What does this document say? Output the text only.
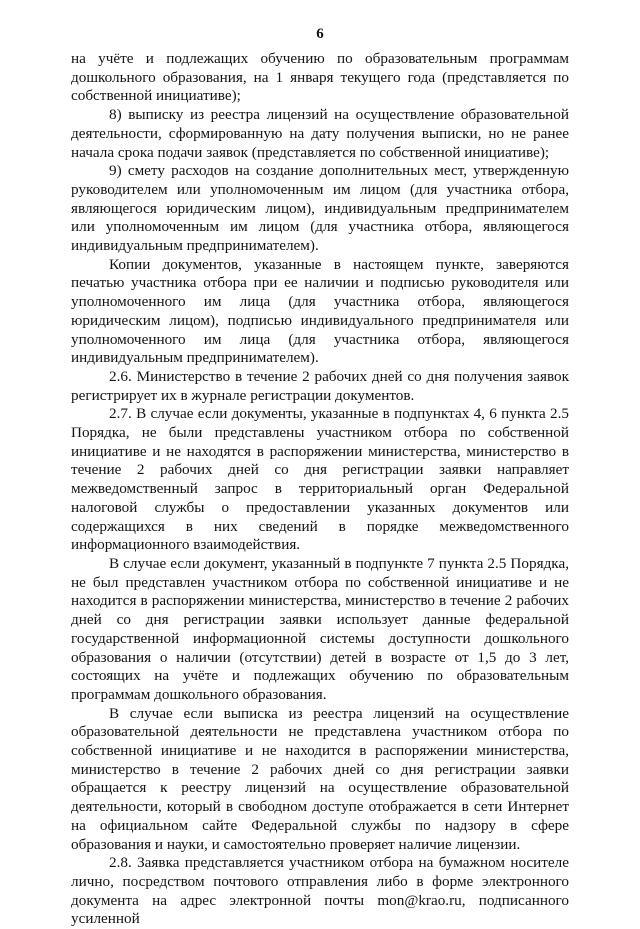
6

на учёте и подлежащих обучению по образовательным программам дошкольного образования, на 1 января текущего года (представляется по собственной инициативе);

8) выписку из реестра лицензий на осуществление образовательной деятельности, сформированную на дату получения выписки, но не ранее начала срока подачи заявок (представляется по собственной инициативе);

9) смету расходов на создание дополнительных мест, утвержденную руководителем или уполномоченным им лицом (для участника отбора, являющегося юридическим лицом), индивидуальным предпринимателем или уполномоченным им лицом (для участника отбора, являющегося индивидуальным предпринимателем).

Копии документов, указанные в настоящем пункте, заверяются печатью участника отбора при ее наличии и подписью руководителя или уполномоченного им лица (для участника отбора, являющегося юридическим лицом), подписью индивидуального предпринимателя или уполномоченного им лица (для участника отбора, являющегося индивидуальным предпринимателем).

2.6. Министерство в течение 2 рабочих дней со дня получения заявок регистрирует их в журнале регистрации документов.

2.7. В случае если документы, указанные в подпунктах 4, 6 пункта 2.5 Порядка, не были представлены участником отбора по собственной инициативе и не находятся в распоряжении министерства, министерство в течение 2 рабочих дней со дня регистрации заявки направляет межведомственный запрос в территориальный орган Федеральной налоговой службы о предоставлении указанных документов или содержащихся в них сведений в порядке межведомственного информационного взаимодействия.

В случае если документ, указанный в подпункте 7 пункта 2.5 Порядка, не был представлен участником отбора по собственной инициативе и не находится в распоряжении министерства, министерство в течение 2 рабочих дней со дня регистрации заявки использует данные федеральной государственной информационной системы доступности дошкольного образования о наличии (отсутствии) детей в возрасте от 1,5 до 3 лет, состоящих на учёте и подлежащих обучению по образовательным программам дошкольного образования.

В случае если выписка из реестра лицензий на осуществление образовательной деятельности не представлена участником отбора по собственной инициативе и не находится в распоряжении министерства, министерство в течение 2 рабочих дней со дня регистрации заявки обращается к реестру лицензий на осуществление образовательной деятельности, который в свободном доступе отображается в сети Интернет на официальном сайте Федеральной службы по надзору в сфере образования и науки, и самостоятельно проверяет наличие лицензии.

2.8. Заявка представляется участником отбора на бумажном носителе лично, посредством почтового отправления либо в форме электронного документа на адрес электронной почты mon@krao.ru, подписанного усиленной
